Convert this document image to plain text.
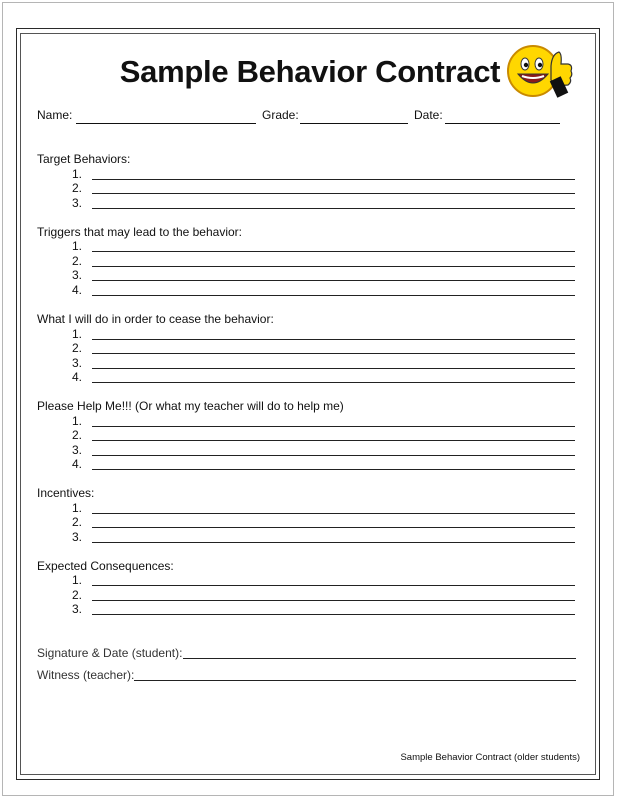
Sample Behavior Contract
Name:	Grade:	Date:
Target Behaviors:
1.
2.
3.
Triggers that may lead to the behavior:
1.
2.
3.
4.
What I will do in order to cease the behavior:
1.
2.
3.
4.
Please Help Me!!! (Or what my teacher will do to help me)
1.
2.
3.
4.
Incentives:
1.
2.
3.
Expected Consequences:
1.
2.
3.
Signature & Date (student):
Witness (teacher):
Sample Behavior Contract (older students)
